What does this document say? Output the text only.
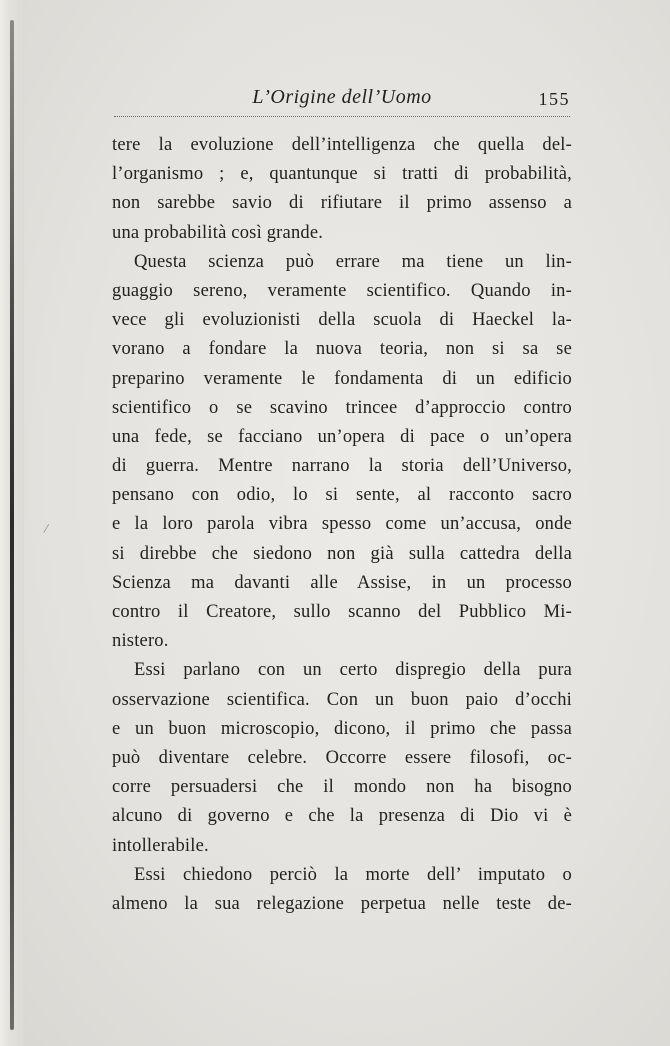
/
L’Origine dell’Uomo	155
tere la evoluzione dell’intelligenza che quella del-
l’organismo ; e, quantunque si tratti di probabilità,
non sarebbe savio di rifiutare il primo assenso a
una probabilità così grande.
Questa scienza può errare ma tiene un lin-
guaggio sereno, veramente scientifico. Quando in-
vece gli evoluzionisti della scuola di Haeckel la-
vorano a fondare la nuova teoria, non si sa se
preparino veramente le fondamenta di un edificio
scientifico o se scavino trincee d’approccio contro
una fede, se facciano un’opera di pace o un’opera
di guerra. Mentre narrano la storia dell’Universo,
pensano con odio, lo si sente, al racconto sacro
e la loro parola vibra spesso come un’accusa, onde
si direbbe che siedono non già sulla cattedra della
Scienza ma davanti alle Assise, in un processo
contro il Creatore, sullo scanno del Pubblico Mi-
nistero.
Essi parlano con un certo dispregio della pura
osservazione scientifica. Con un buon paio d’occhi
e un buon microscopio, dicono, il primo che passa
può diventare celebre. Occorre essere filosofi, oc-
corre persuadersi che il mondo non ha bisogno
alcuno di governo e che la presenza di Dio vi è
intollerabile.
Essi chiedono perciò la morte dell’ imputato o
almeno la sua relegazione perpetua nelle teste de-
